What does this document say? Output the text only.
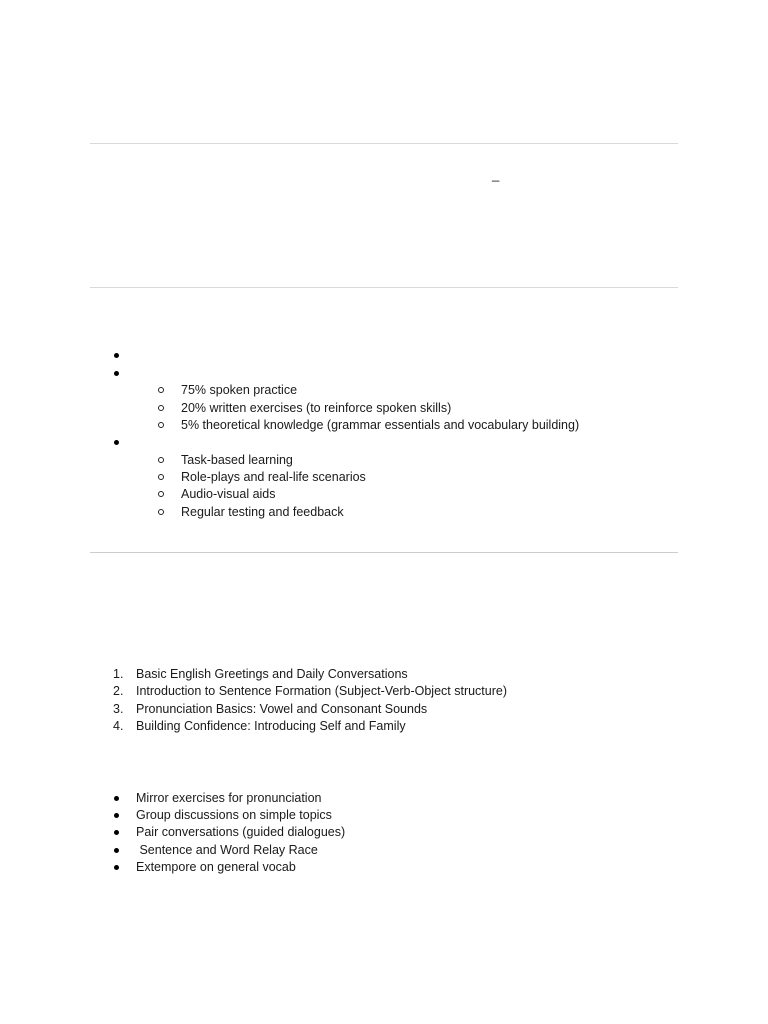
_
75% spoken practice
20% written exercises (to reinforce spoken skills)
5% theoretical knowledge (grammar essentials and vocabulary building)
Task-based learning
Role-plays and real-life scenarios
Audio-visual aids
Regular testing and feedback
1. Basic English Greetings and Daily Conversations
2. Introduction to Sentence Formation (Subject-Verb-Object structure)
3. Pronunciation Basics: Vowel and Consonant Sounds
4. Building Confidence: Introducing Self and Family
Mirror exercises for pronunciation
Group discussions on simple topics
Pair conversations (guided dialogues)
Sentence and Word Relay Race
Extempore on general vocab
